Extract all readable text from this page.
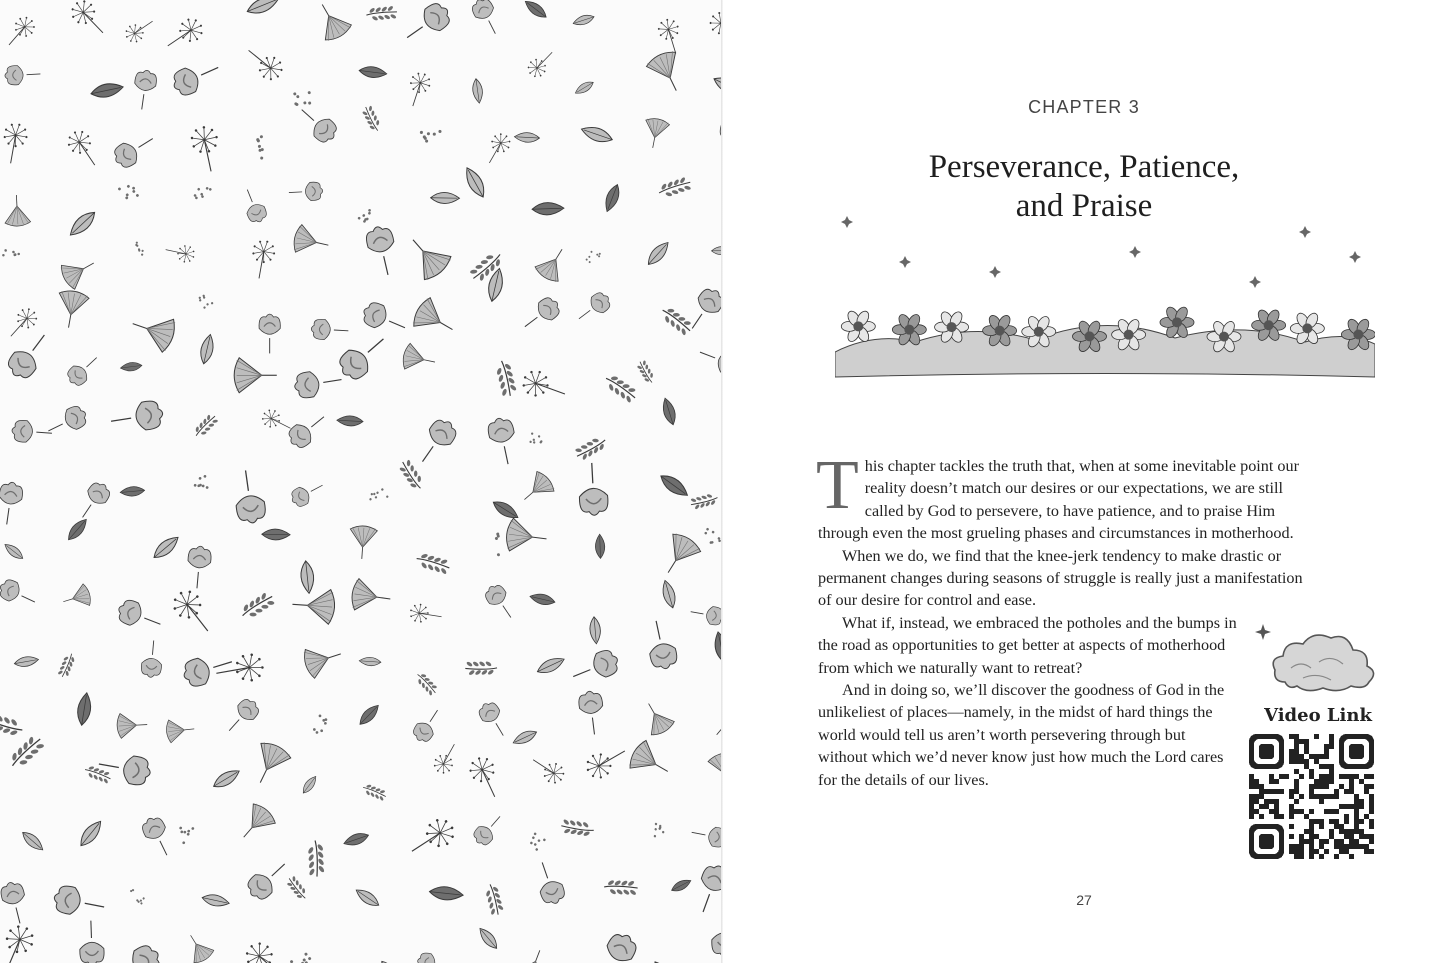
CHAPTER 3
Perseverance, Patience,
and Praise

This chapter tackles the truth that, when at some inevitable point our reality doesn’t match our desires or our expectations, we are still called by God to persevere, to have patience, and to praise Him through even the most grueling phases and circumstances in motherhood.

When we do, we find that the knee-jerk tendency to make drastic or permanent changes during seasons of struggle is really just a manifestation of our desire for control and ease.

What if, instead, we embraced the potholes and the bumps in the road as opportunities to get better at aspects of motherhood from which we naturally want to retreat?

And in doing so, we’ll discover the goodness of God in the unlikeliest of places—namely, in the midst of hard things the world would tell us aren’t worth persevering through but without which we’d never know just how much the Lord cares for the details of our lives.

Video Link
27
